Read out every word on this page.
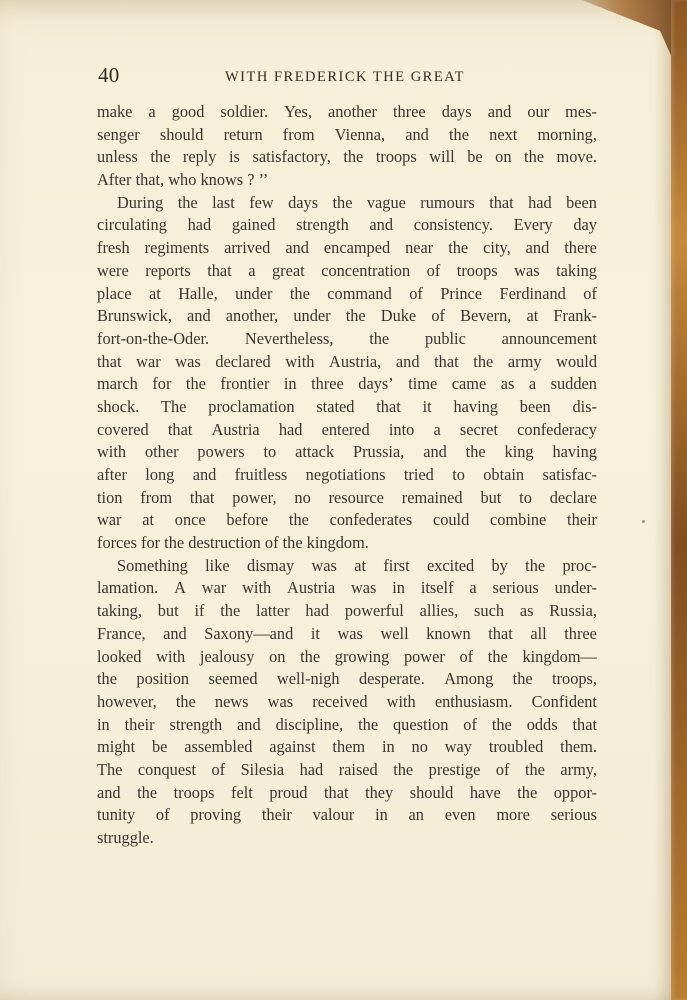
40	WITH FREDERICK THE GREAT
make a good soldier. Yes, another three days and our mes-
senger should return from Vienna, and the next morning,
unless the reply is satisfactory, the troops will be on the move.
After that, who knows ? ’’
During the last few days the vague rumours that had been
circulating had gained strength and consistency. Every day
fresh regiments arrived and encamped near the city, and there
were reports that a great concentration of troops was taking
place at Halle, under the command of Prince Ferdinand of
Brunswick, and another, under the Duke of Bevern, at Frank-
fort-on-the-Oder. Nevertheless, the public announcement
that war was declared with Austria, and that the army would
march for the frontier in three days’ time came as a sudden
shock. The proclamation stated that it having been dis-
covered that Austria had entered into a secret confederacy
with other powers to attack Prussia, and the king having
after long and fruitless negotiations tried to obtain satisfac-
tion from that power, no resource remained but to declare
war at once before the confederates could combine their
forces for the destruction of the kingdom.
Something like dismay was at first excited by the proc-
lamation. A war with Austria was in itself a serious under-
taking, but if the latter had powerful allies, such as Russia,
France, and Saxony—and it was well known that all three
looked with jealousy on the growing power of the kingdom—
the position seemed well-nigh desperate. Among the troops,
however, the news was received with enthusiasm. Confident
in their strength and discipline, the question of the odds that
might be assembled against them in no way troubled them.
The conquest of Silesia had raised the prestige of the army,
and the troops felt proud that they should have the oppor-
tunity of proving their valour in an even more serious
struggle.
